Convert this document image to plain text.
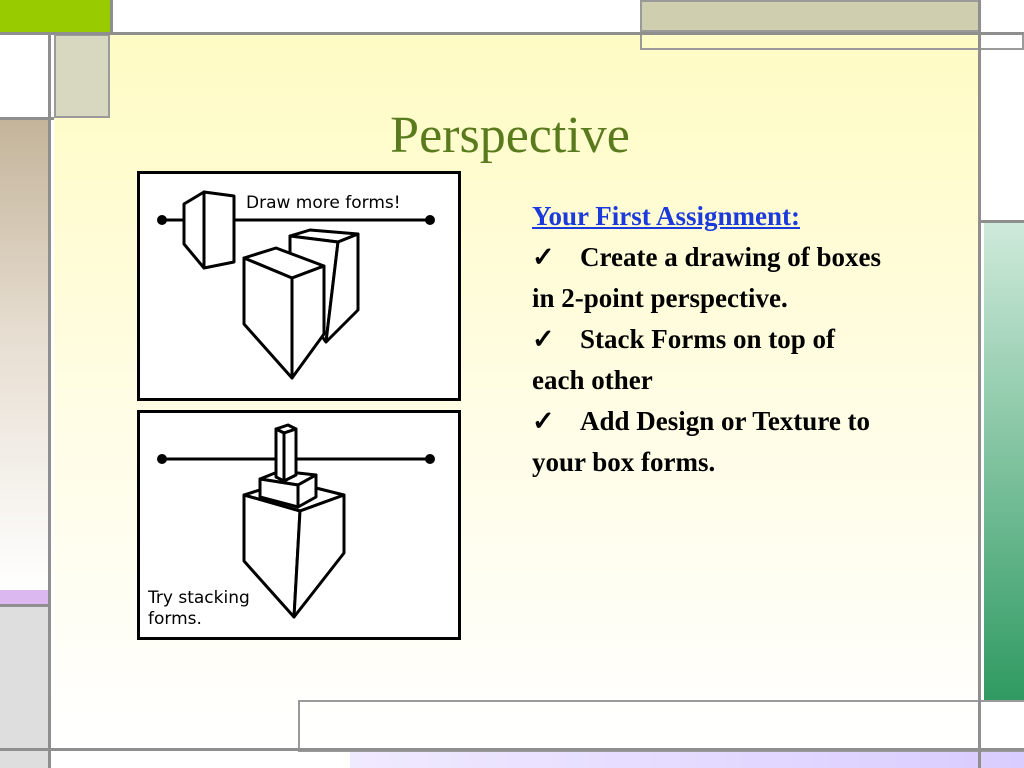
Perspective
Draw more forms!
Try stacking
forms.
Your First Assignment:
✓ Create a drawing of boxes in 2-point perspective.
✓ Stack Forms on top of each other
✓ Add Design or Texture to your box forms.
